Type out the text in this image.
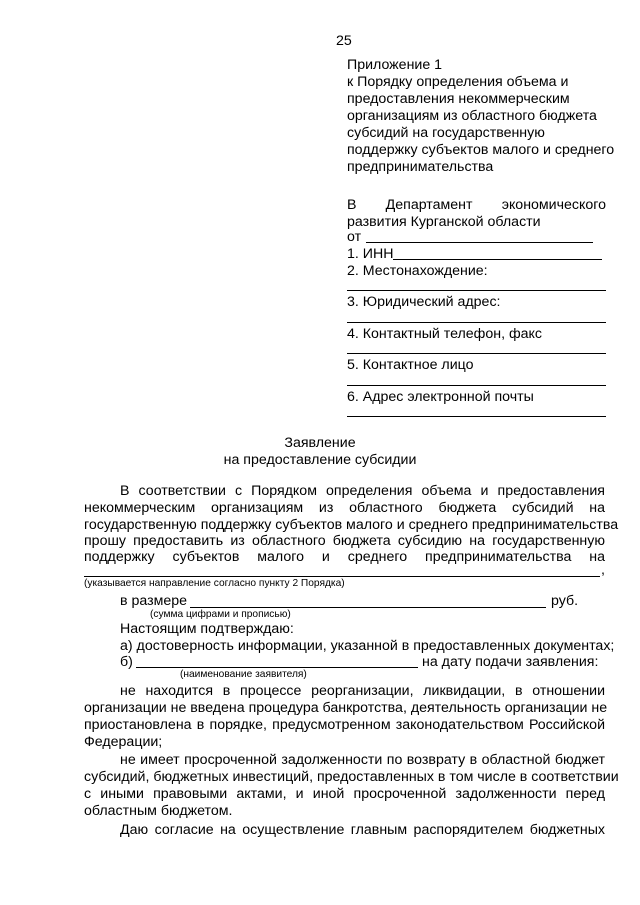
25
Приложение 1
к Порядку определения объема и
предоставления некоммерческим
организациям из областного бюджета
субсидий на государственную
поддержку субъектов малого и среднего
предпринимательства
В Департамент экономического
развития Курганской области
от
1. ИНН
2. Местонахождение:
3. Юридический адрес:
4. Контактный телефон, факс
5. Контактное лицо
6. Адрес электронной почты
Заявление
на предоставление субсидии
В соответствии с Порядком определения объема и предоставления
некоммерческим организациям из областного бюджета субсидий на
государственную поддержку субъектов малого и среднего предпринимательства
прошу предоставить из областного бюджета субсидию на государственную
поддержку субъектов малого и среднего предпринимательства на
,
(указывается направление согласно пункту 2 Порядка)
в размере	руб.
(сумма цифрами и прописью)
Настоящим подтверждаю:
а) достоверность информации, указанной в предоставленных документах;
б)	на дату подачи заявления:
(наименование заявителя)
не находится в процессе реорганизации, ликвидации, в отношении
организации не введена процедура банкротства, деятельность организации не
приостановлена в порядке, предусмотренном законодательством Российской
Федерации;
не имеет просроченной задолженности по возврату в областной бюджет
субсидий, бюджетных инвестиций, предоставленных в том числе в соответствии
с иными правовыми актами, и иной просроченной задолженности перед
областным бюджетом.
Даю согласие на осуществление главным распорядителем бюджетных
